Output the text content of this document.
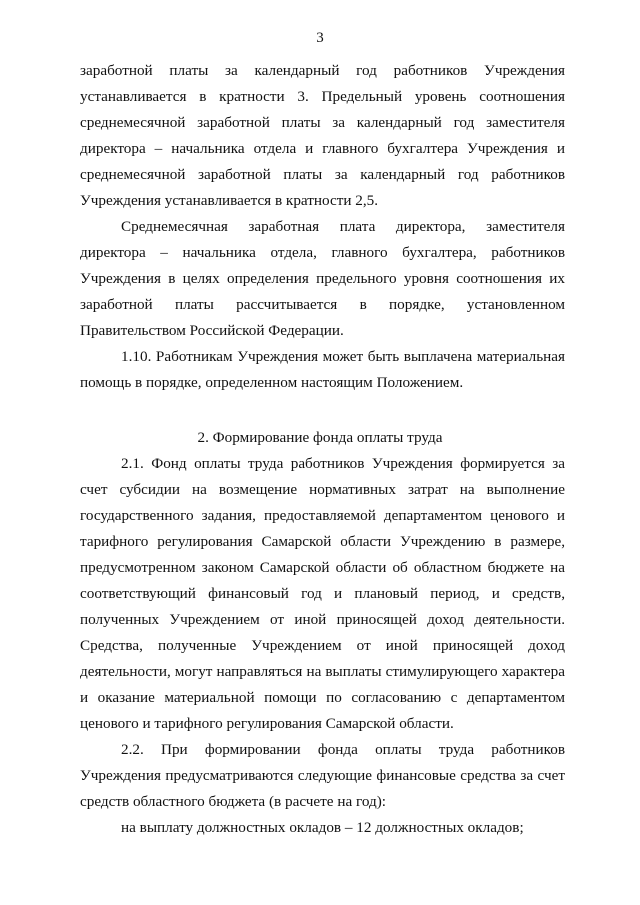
3

заработной платы за календарный год работников Учреждения устанавливается в кратности 3. Предельный уровень соотношения среднемесячной заработной платы за календарный год заместителя директора – начальника отдела и главного бухгалтера Учреждения и среднемесячной заработной платы за календарный год работников Учреждения устанавливается в кратности 2,5.

Среднемесячная заработная плата директора, заместителя директора – начальника отдела, главного бухгалтера, работников Учреждения в целях определения предельного уровня соотношения их заработной платы рассчитывается в порядке, установленном Правительством Российской Федерации.

1.10. Работникам Учреждения может быть выплачена материальная помощь в порядке, определенном настоящим Положением.

2. Формирование фонда оплаты труда

2.1. Фонд оплаты труда работников Учреждения формируется за счет субсидии на возмещение нормативных затрат на выполнение государственного задания, предоставляемой департаментом ценового и тарифного регулирования Самарской области Учреждению в размере, предусмотренном законом Самарской области об областном бюджете на соответствующий финансовый год и плановый период, и средств, полученных Учреждением от иной приносящей доход деятельности. Средства, полученные Учреждением от иной приносящей доход деятельности, могут направляться на выплаты стимулирующего характера и оказание материальной помощи по согласованию с департаментом ценового и тарифного регулирования Самарской области.

2.2. При формировании фонда оплаты труда работников Учреждения предусматриваются следующие финансовые средства за счет средств областного бюджета (в расчете на год):

на выплату должностных окладов – 12 должностных окладов;
